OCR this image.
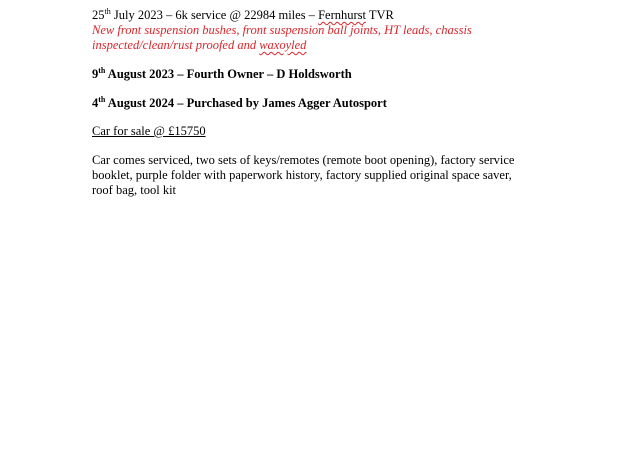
25th July 2023 – 6k service @ 22984 miles – Fernhurst TVR

New front suspension bushes, front suspension ball joints, HT leads, chassis

inspected/clean/rust proofed and waxoyled

9th August 2023 – Fourth Owner – D Holdsworth

4th August 2024 – Purchased by James Agger Autosport

Car for sale @ £15750

Car comes serviced, two sets of keys/remotes (remote boot opening), factory service booklet, purple folder with paperwork history, factory supplied original space saver, roof bag, tool kit
